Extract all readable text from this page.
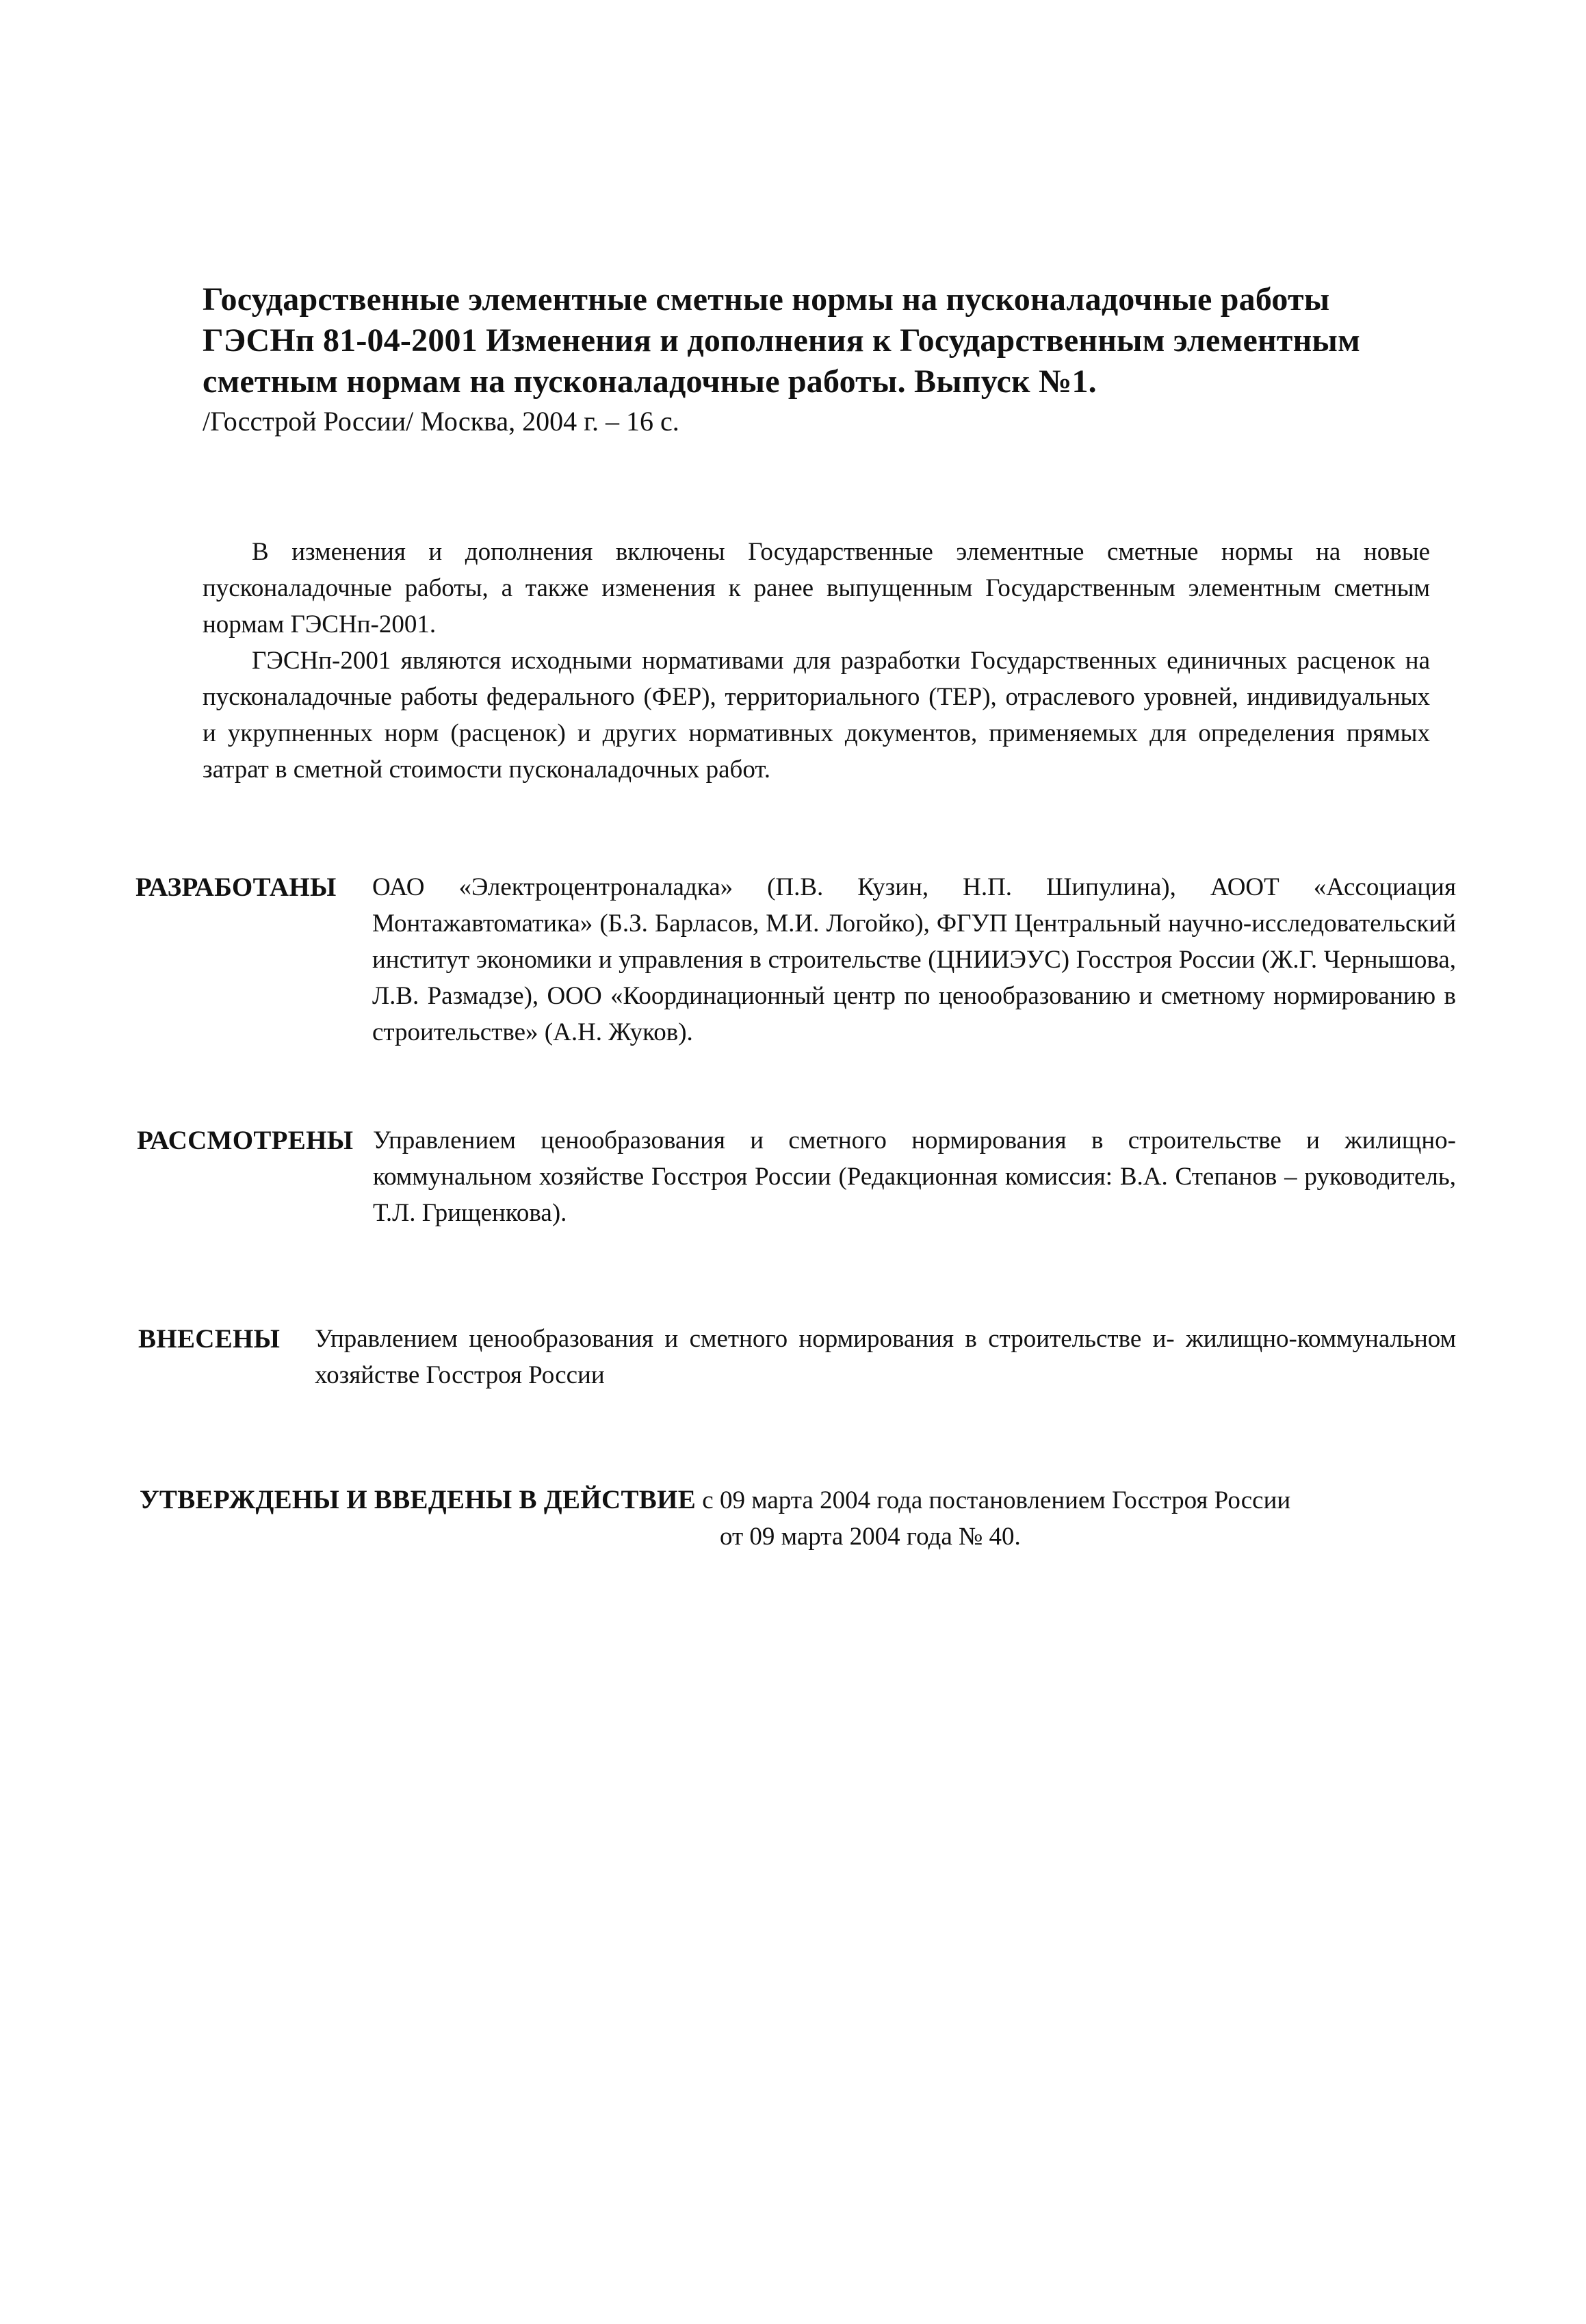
Государственные элементные сметные нормы на пусконаладочные работы
ГЭСНп 81-04-2001 Изменения и дополнения к Государственным элементным
сметным нормам на пусконаладочные работы. Выпуск №1.
/Госстрой России/ Москва, 2004 г. – 16 с.

В изменения и дополнения включены Государственные элементные сметные нормы на новые пусконаладочные работы, а также изменения к ранее выпущенным Государственным элементным сметным нормам ГЭСНп-2001.

ГЭСНп-2001 являются исходными нормативами для разработки Государственных единичных расценок на пусконаладочные работы федерального (ФЕР), территориального (ТЕР), отраслевого уровней, индивидуальных и укрупненных норм (расценок) и других нормативных документов, применяемых для определения прямых затрат в сметной стоимости пусконаладочных работ.

РАЗРАБОТАНЫ	ОАО «Электроцентроналадка» (П.В. Кузин, Н.П. Шипулина), АООТ «Ассоциация Монтажавтоматика» (Б.З. Барласов, М.И. Логойко), ФГУП Центральный научно-исследовательский институт экономики и управления в строительстве (ЦНИИЭУС) Госстроя России (Ж.Г. Чернышова, Л.В. Размадзе), ООО «Координационный центр по ценообразованию и сметному нормированию в строительстве» (А.Н. Жуков).
РАССМОТРЕНЫ Управлением ценообразования и сметного нормирования в строительстве и жилищно-коммунальном хозяйстве Госстроя России (Редакционная комиссия: В.А. Степанов – руководитель, Т.Л. Грищенкова).
ВНЕСЕНЫ	Управлением ценообразования и сметного нормирования в строительстве и- жилищно-коммунальном хозяйстве Госстроя России
УТВЕРЖДЕНЫ И ВВЕДЕНЫ В ДЕЙСТВИЕ с 09 марта 2004 года постановлением Госстроя России
от 09 марта 2004 года № 40.
